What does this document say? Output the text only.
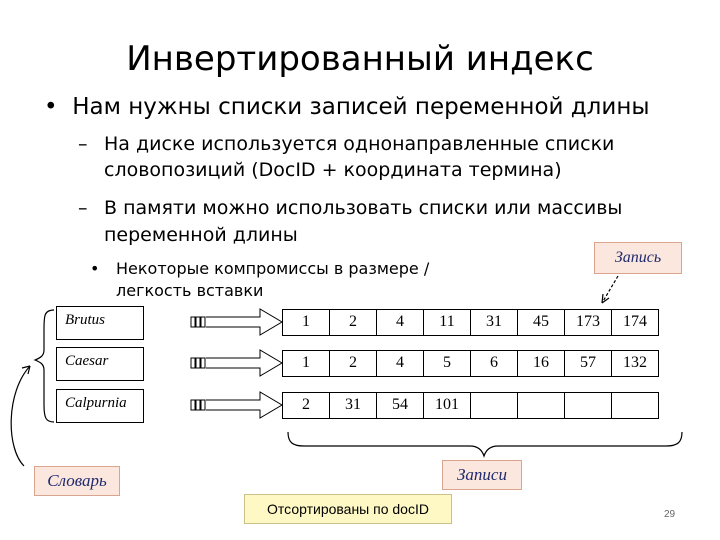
Инвертированный индекс
•  Нам нужны списки записей переменной длины
– На диске используется однонаправленные списки
словопозиций (DocID + координата термина)
– В памяти можно использовать списки или массивы
переменной длины
• Некоторые компромиссы в размере /
легкость вставки
Запись
Brutus
Caesar
Calpurnia
1	2	4	11	31	45	173	174
1	2	4	5	6	16	57	132
2	31	54	101
Словарь	Записи
Отсортированы по docID	29
